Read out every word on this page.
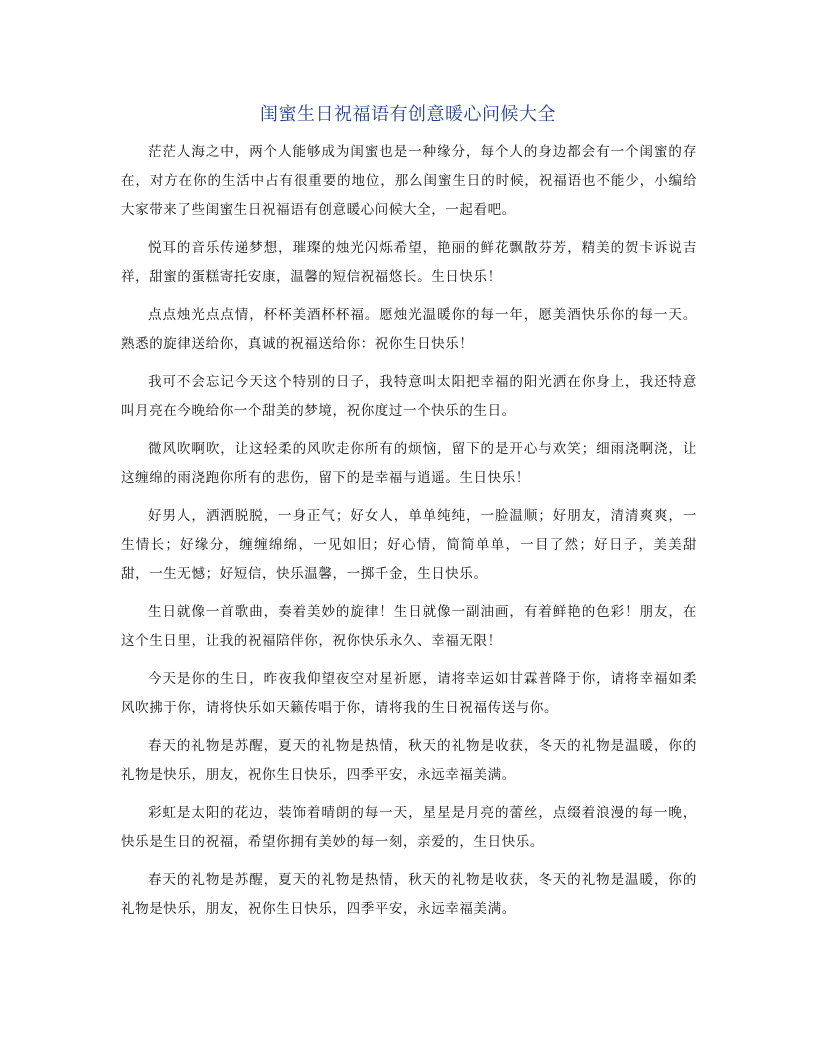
闺蜜生日祝福语有创意暖心问候大全

茫茫人海之中，两个人能够成为闺蜜也是一种缘分，每个人的身边都会有一个闺蜜的存在，对方在你的生活中占有很重要的地位，那么闺蜜生日的时候，祝福语也不能少，小编给大家带来了些闺蜜生日祝福语有创意暖心问候大全，一起看吧。

悦耳的音乐传递梦想，璀璨的烛光闪烁希望，艳丽的鲜花飘散芬芳，精美的贺卡诉说吉祥，甜蜜的蛋糕寄托安康，温馨的短信祝福悠长。生日快乐！

点点烛光点点情，杯杯美酒杯杯福。愿烛光温暖你的每一年，愿美酒快乐你的每一天。熟悉的旋律送给你，真诚的祝福送给你：祝你生日快乐！

我可不会忘记今天这个特别的日子，我特意叫太阳把幸福的阳光洒在你身上，我还特意叫月亮在今晚给你一个甜美的梦境，祝你度过一个快乐的生日。

微风吹啊吹，让这轻柔的风吹走你所有的烦恼，留下的是开心与欢笑；细雨浇啊浇，让这缠绵的雨浇跑你所有的悲伤，留下的是幸福与逍遥。生日快乐！

好男人，洒洒脱脱，一身正气；好女人，单单纯纯，一脸温顺；好朋友，清清爽爽，一生情长；好缘分，缠缠绵绵，一见如旧；好心情，简简单单，一目了然；好日子，美美甜甜，一生无憾；好短信，快乐温馨，一掷千金，生日快乐。

生日就像一首歌曲，奏着美妙的旋律！生日就像一副油画，有着鲜艳的色彩！朋友，在这个生日里，让我的祝福陪伴你，祝你快乐永久、幸福无限！

今天是你的生日，昨夜我仰望夜空对星祈愿，请将幸运如甘霖普降于你，请将幸福如柔风吹拂于你，请将快乐如天籁传唱于你，请将我的生日祝福传送与你。

春天的礼物是苏醒，夏天的礼物是热情，秋天的礼物是收获，冬天的礼物是温暖，你的礼物是快乐，朋友，祝你生日快乐，四季平安，永远幸福美满。

彩虹是太阳的花边，装饰着晴朗的每一天，星星是月亮的蕾丝，点缀着浪漫的每一晚，快乐是生日的祝福，希望你拥有美妙的每一刻，亲爱的，生日快乐。

春天的礼物是苏醒，夏天的礼物是热情，秋天的礼物是收获，冬天的礼物是温暖，你的礼物是快乐，朋友，祝你生日快乐，四季平安，永远幸福美满。
